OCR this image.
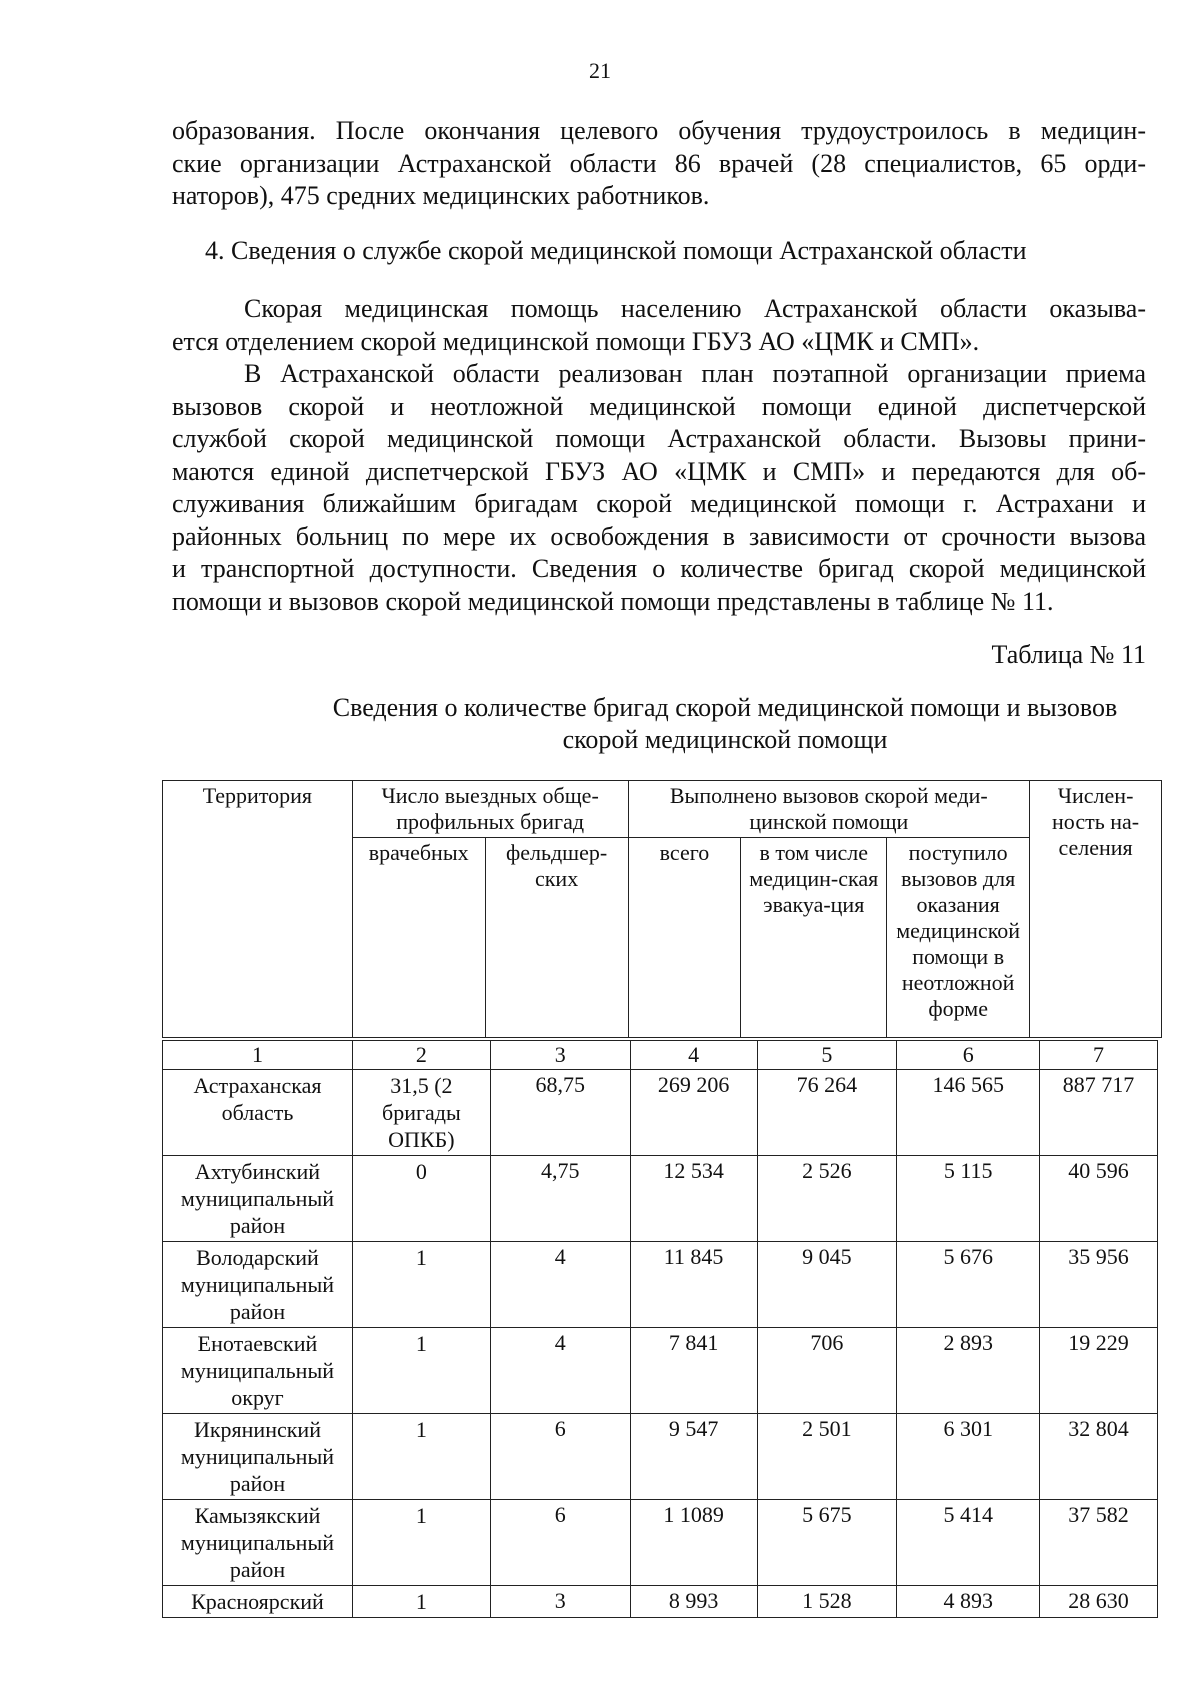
21
образования. После окончания целевого обучения трудоустроилось в медицин-
ские организации Астраханской области 86 врачей (28 специалистов, 65 орди-
наторов), 475 средних медицинских работников.
4. Сведения о службе скорой медицинской помощи Астраханской области
Скорая медицинская помощь населению Астраханской области оказыва-
ется отделением скорой медицинской помощи ГБУЗ АО «ЦМК и СМП».
В Астраханской области реализован план поэтапной организации приема
вызовов скорой и неотложной медицинской помощи единой диспетчерской
службой скорой медицинской помощи Астраханской области. Вызовы прини-
маются единой диспетчерской ГБУЗ АО «ЦМК и СМП» и передаются для об-
служивания ближайшим бригадам скорой медицинской помощи г. Астрахани и
районных больниц по мере их освобождения в зависимости от срочности вызова
и транспортной доступности. Сведения о количестве бригад скорой медицинской
помощи и вызовов скорой медицинской помощи представлены в таблице № 11.
Таблица № 11
Сведения о количестве бригад скорой медицинской помощи и вызовов
скорой медицинской помощи
Территория	Число выездных обще-профильных бригад		Выполнено вызовов скорой меди-цинской помощи			Числен-ность на-селения
	врачебных	фельдшер-ских	всего	в том числе медицин-ская эвакуа-ция	поступило вызовов для оказания медицинской помощи в неотложной форме	
1	2	3	4	5	6	7
Астраханская область	31,5 (2 бригады ОПКБ)	68,75	269 206	76 264	146 565	887 717
Ахтубинский муниципальный район	0	4,75	12 534	2 526	5 115	40 596
Володарский муниципальный район	1	4	11 845	9 045	5 676	35 956
Енотаевский муниципальный округ	1	4	7 841	706	2 893	19 229
Икрянинский муниципальный район	1	6	9 547	2 501	6 301	32 804
Камызякский муниципальный район	1	6	1 1089	5 675	5 414	37 582
Красноярский	1	3	8 993	1 528	4 893	28 630
